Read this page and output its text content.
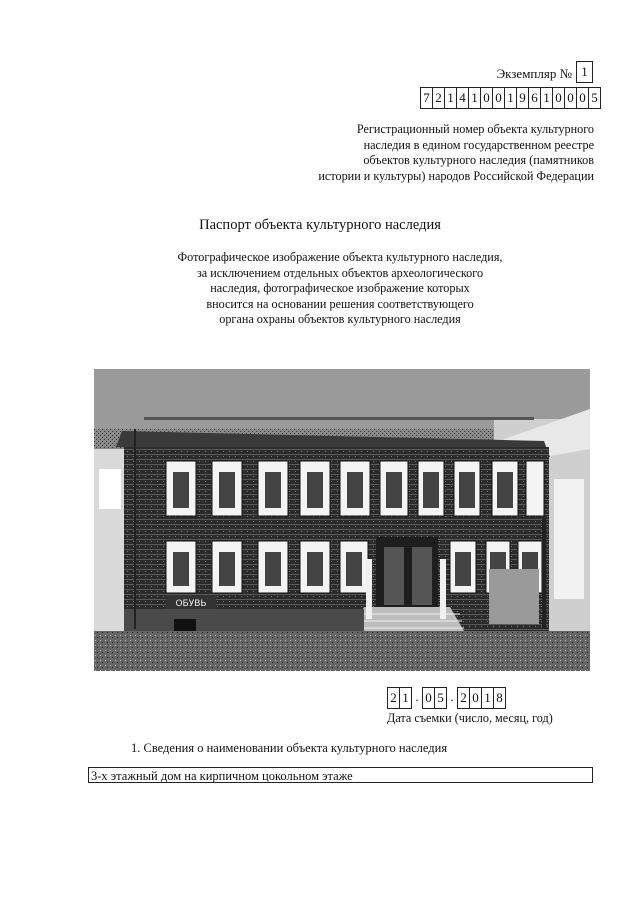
Экземпляр № 1
7 2 1 4 1 0 0 1 9 6 1 0 0 0 5
Регистрационный номер объекта культурного
наследия в едином государственном реестре
объектов культурного наследия (памятников
истории и культуры) народов Российской Федерации
Паспорт объекта культурного наследия
Фотографическое изображение объекта культурного наследия,
за исключением отдельных объектов археологического
наследия, фотографическое изображение которых
вносится на основании решения соответствующего
органа охраны объектов культурного наследия
ОБУВЬ
2 1 . 0 5 . 2 0 1 8
Дата съемки (число, месяц, год)
1. Сведения о наименовании объекта культурного наследия
3-х этажный дом на кирпичном цокольном этаже
